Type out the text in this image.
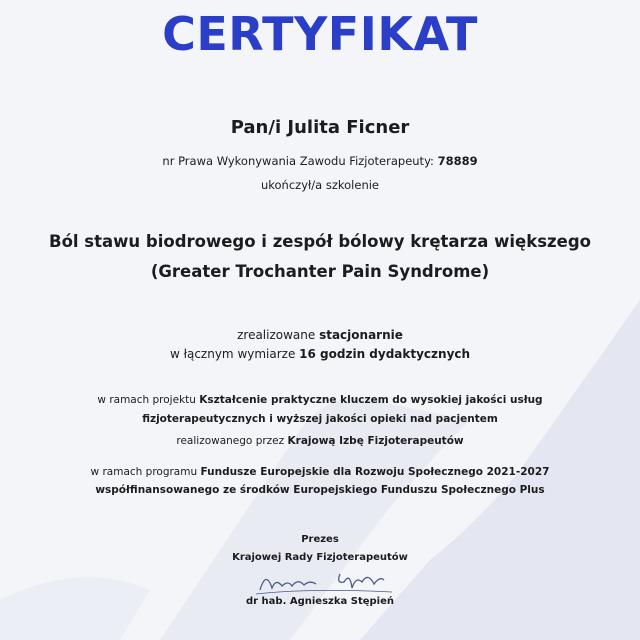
CERTYFIKAT
Pan/i Julita Ficner
nr Prawa Wykonywania Zawodu Fizjoterapeuty: 78889
ukończył/a szkolenie
Ból stawu biodrowego i zespół bólowy krętarza większego (Greater Trochanter Pain Syndrome)
zrealizowane stacjonarnie
w łącznym wymiarze 16 godzin dydaktycznych
w ramach projektu Kształcenie praktyczne kluczem do wysokiej jakości usług fizjoterapeutycznych i wyższej jakości opieki nad pacjentem
realizowanego przez Krajową Izbę Fizjoterapeutów
w ramach programu Fundusze Europejskie dla Rozwoju Społecznego 2021-2027
współfinansowanego ze środków Europejskiego Funduszu Społecznego Plus
Prezes
Krajowej Rady Fizjoterapeutów
dr hab. Agnieszka Stępień
